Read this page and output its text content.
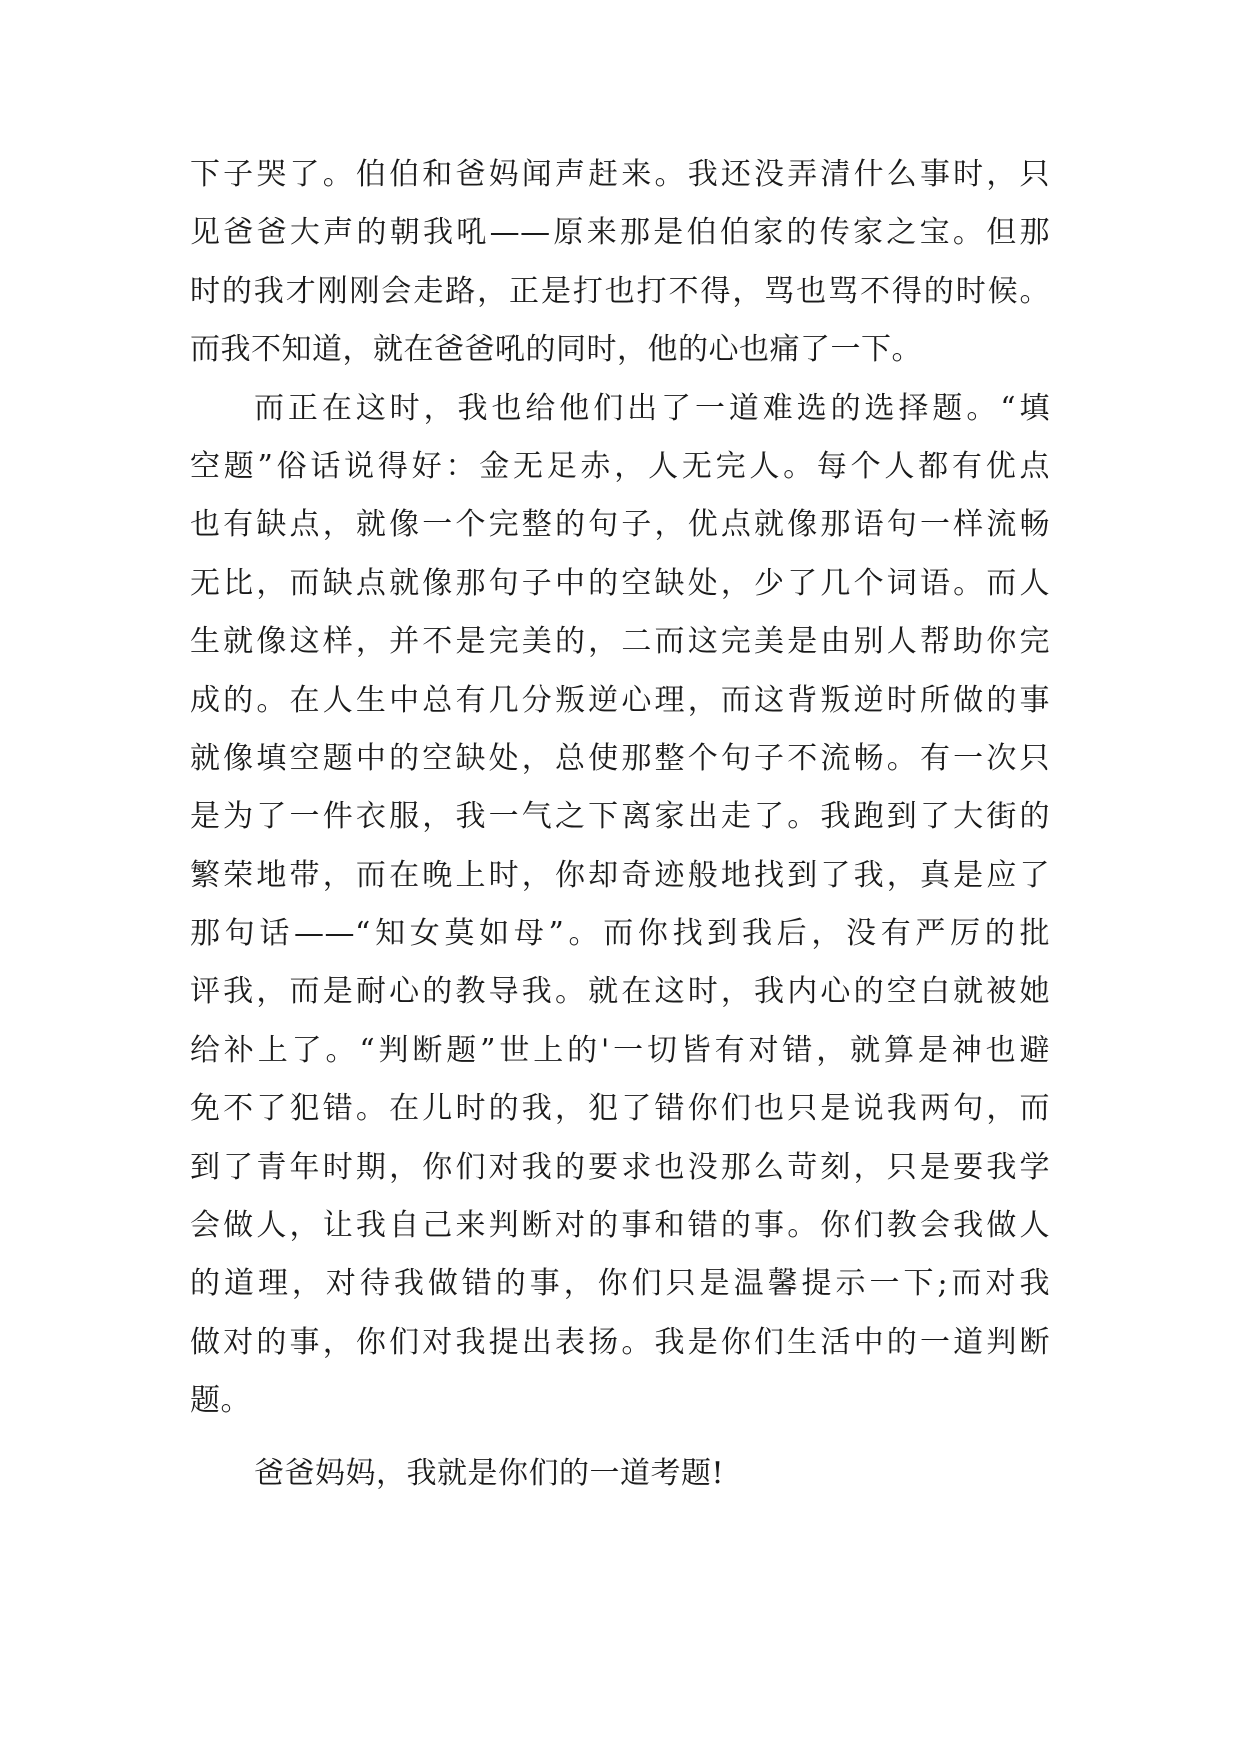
下子哭了。伯伯和爸妈闻声赶来。我还没弄清什么事时，只
见爸爸大声的朝我吼——原来那是伯伯家的传家之宝。但那
时的我才刚刚会走路，正是打也打不得，骂也骂不得的时候。
而我不知道，就在爸爸吼的同时，他的心也痛了一下。
而正在这时，我也给他们出了一道难选的选择题。“填
空题”俗话说得好：金无足赤，人无完人。每个人都有优点
也有缺点，就像一个完整的句子，优点就像那语句一样流畅
无比，而缺点就像那句子中的空缺处，少了几个词语。而人
生就像这样，并不是完美的，二而这完美是由别人帮助你完
成的。在人生中总有几分叛逆心理，而这背叛逆时所做的事
就像填空题中的空缺处，总使那整个句子不流畅。有一次只
是为了一件衣服，我一气之下离家出走了。我跑到了大街的
繁荣地带，而在晚上时，你却奇迹般地找到了我，真是应了
那句话——“知女莫如母”。而你找到我后，没有严厉的批
评我，而是耐心的教导我。就在这时，我内心的空白就被她
给补上了。“判断题”世上的'一切皆有对错，就算是神也避
免不了犯错。在儿时的我，犯了错你们也只是说我两句，而
到了青年时期，你们对我的要求也没那么苛刻，只是要我学
会做人，让我自己来判断对的事和错的事。你们教会我做人
的道理，对待我做错的事，你们只是温馨提示一下;而对我
做对的事，你们对我提出表扬。我是你们生活中的一道判断
题。
爸爸妈妈，我就是你们的一道考题!
